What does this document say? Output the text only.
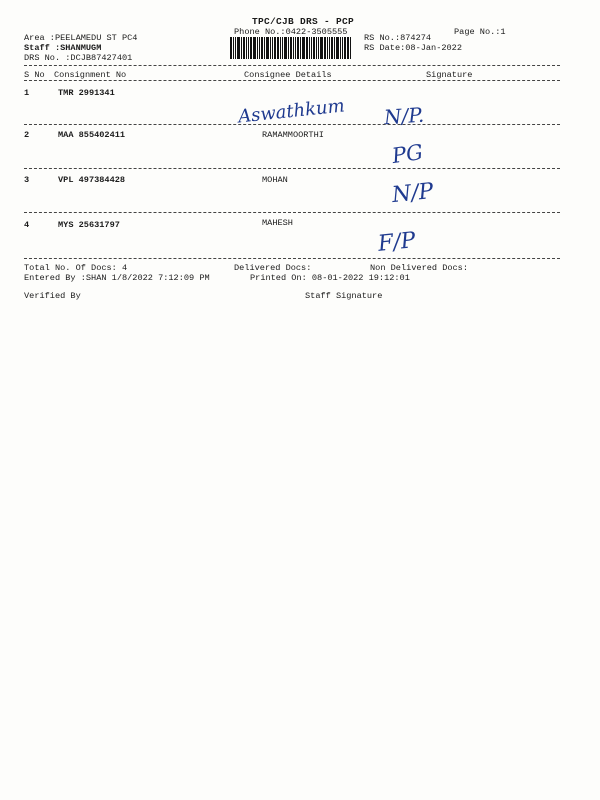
TPC/CJB DRS - PCP
Phone No.:0422-3505555	Page No.:1
Area :PEELAMEDU ST PC4
Staff :SHANMUGM
DRS No. :DCJB87427401
RS No.:874274
RS Date:08-Jan-2022
S No Consignment No	Consignee Details	Signature
1	TMR 2991341
Aswathkum N/P.
2	MAA 855402411	RAMAMMOORTHI
PG
3	VPL 497384428	MOHAN	N/P
4	MYS 25631797	MAHESH
F/P
Total No. Of Docs: 4	Delivered Docs:	Non Delivered Docs:
Entered By :SHAN 1/8/2022 7:12:09 PM	Printed On: 08-01-2022 19:12:01
Verified By	Staff Signature
